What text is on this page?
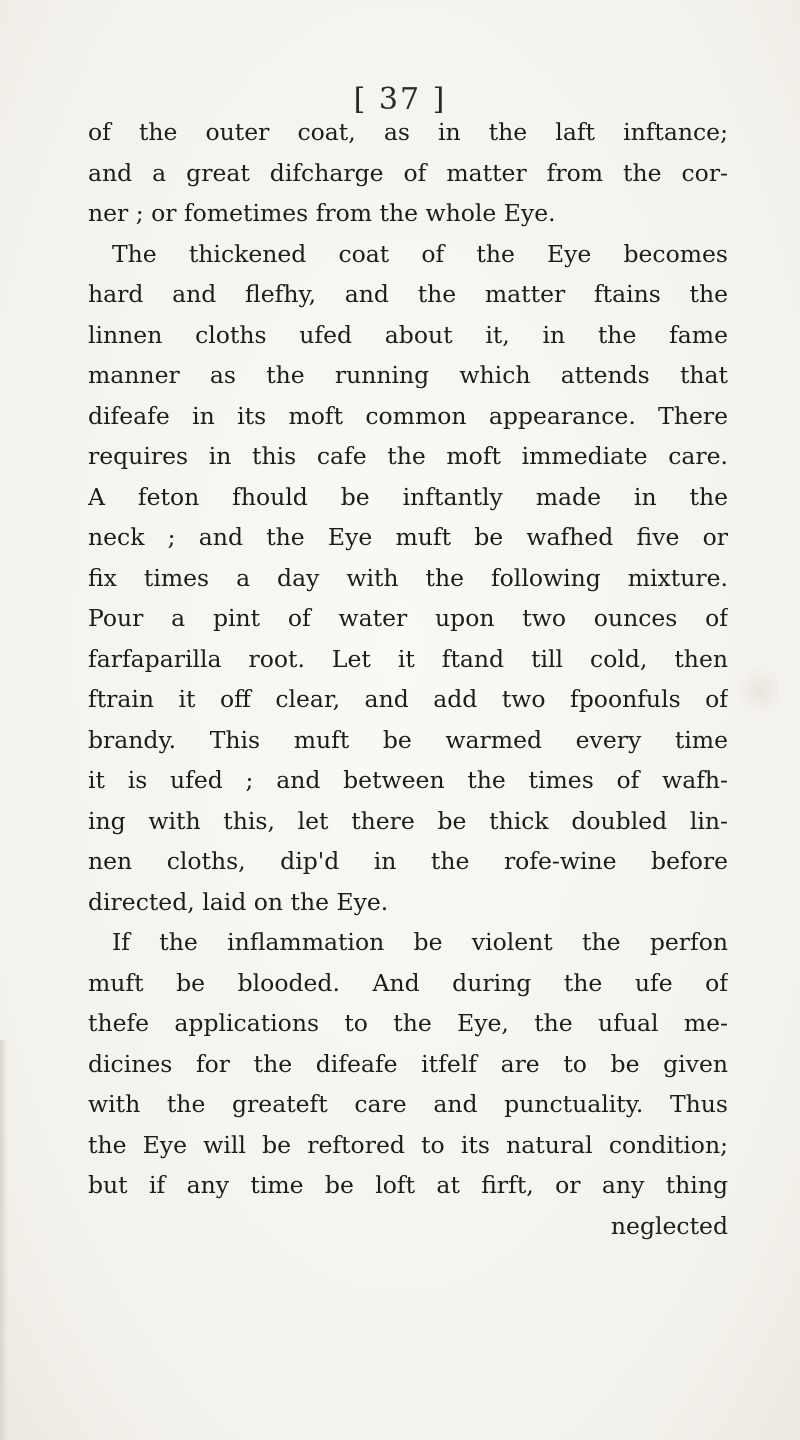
[ 37 ]
of the outer coat, as in the laft inftance;
and a great difcharge of matter from the cor-
ner ; or fometimes from the whole Eye.
The thickened coat of the Eye becomes
hard and flefhy, and the matter ftains the
linnen cloths ufed about it, in the fame
manner as the running which attends that
difeafe in its moft common appearance. There
requires in this cafe the moft immediate care.
A feton fhould be inftantly made in the
neck ; and the Eye muft be wafhed five or
fix times a day with the following mixture.
Pour a pint of water upon two ounces of
farfaparilla root. Let it ftand till cold, then
ftrain it off clear, and add two fpoonfuls of
brandy. This muft be warmed every time
it is ufed ; and between the times of wafh-
ing with this, let there be thick doubled lin-
nen cloths, dip'd in the rofe-wine before
directed, laid on the Eye.
If the inflammation be violent the perfon
muft be blooded. And during the ufe of
thefe applications to the Eye, the ufual me-
dicines for the difeafe itfelf are to be given
with the greateft care and punctuality. Thus
the Eye will be reftored to its natural condition;
but if any time be loft at firft, or any thing
neglected
